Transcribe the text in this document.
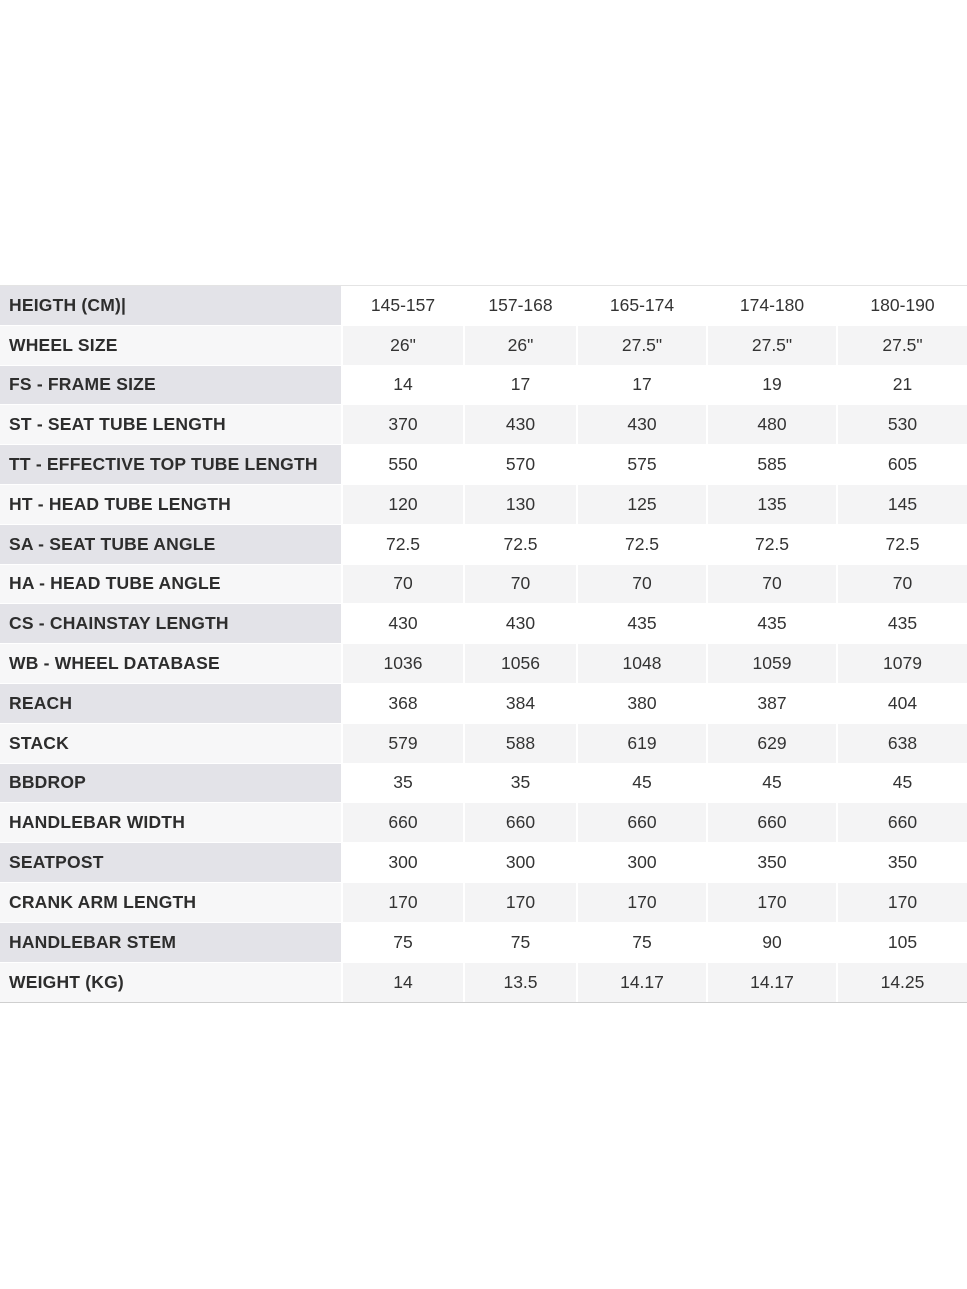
HEIGTH (CM)|	145-157	157-168	165-174	174-180	180-190
WHEEL SIZE	26"	26"	27.5"	27.5"	27.5"
FS - FRAME SIZE	14	17	17	19	21
ST - SEAT TUBE LENGTH	370	430	430	480	530
TT - EFFECTIVE TOP TUBE LENGTH	550	570	575	585	605
HT - HEAD TUBE LENGTH	120	130	125	135	145
SA - SEAT TUBE ANGLE	72.5	72.5	72.5	72.5	72.5
HA - HEAD TUBE ANGLE	70	70	70	70	70
CS - CHAINSTAY LENGTH	430	430	435	435	435
WB - WHEEL DATABASE	1036	1056	1048	1059	1079
REACH	368	384	380	387	404
STACK	579	588	619	629	638
BBDROP	35	35	45	45	45
HANDLEBAR WIDTH	660	660	660	660	660
SEATPOST	300	300	300	350	350
CRANK ARM LENGTH	170	170	170	170	170
HANDLEBAR STEM	75	75	75	90	105
WEIGHT (KG)	14	13.5	14.17	14.17	14.25
